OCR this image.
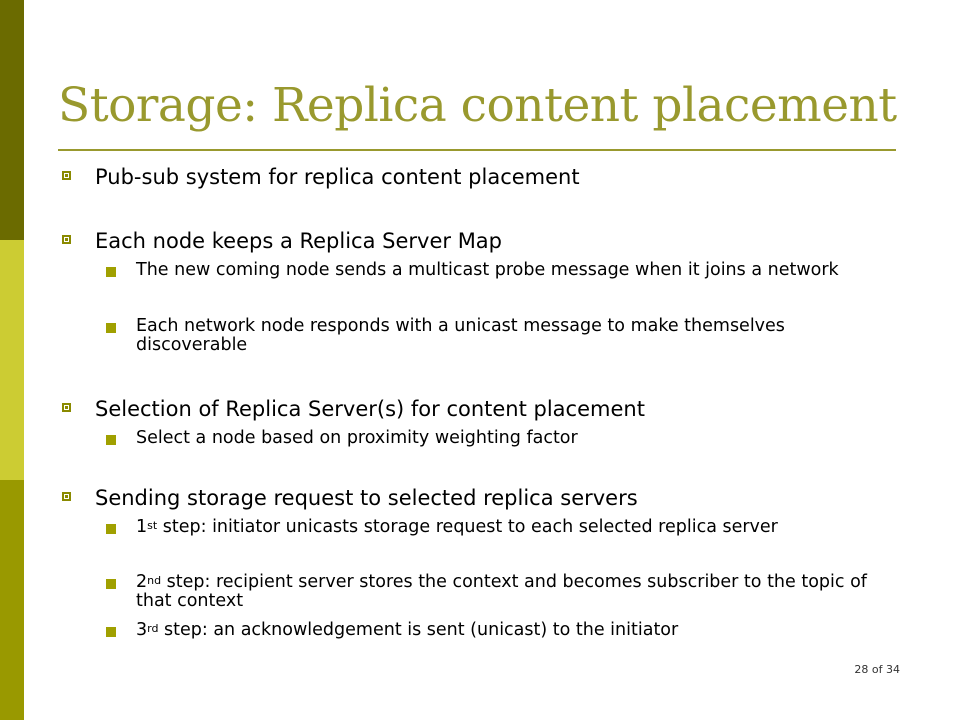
Storage: Replica content placement
Pub-sub system for replica content placement
Each node keeps a Replica Server Map
The new coming node sends a multicast probe message when it joins a network
Each network node responds with a unicast message to make themselves discoverable
Selection of Replica Server(s) for content placement
Select a node based on proximity weighting factor
Sending storage request to selected replica servers
1st step: initiator unicasts storage request to each selected replica server
2nd step: recipient server stores the context and becomes subscriber to the topic of that context
3rd step: an acknowledgement is sent (unicast) to the initiator
28 of 34
